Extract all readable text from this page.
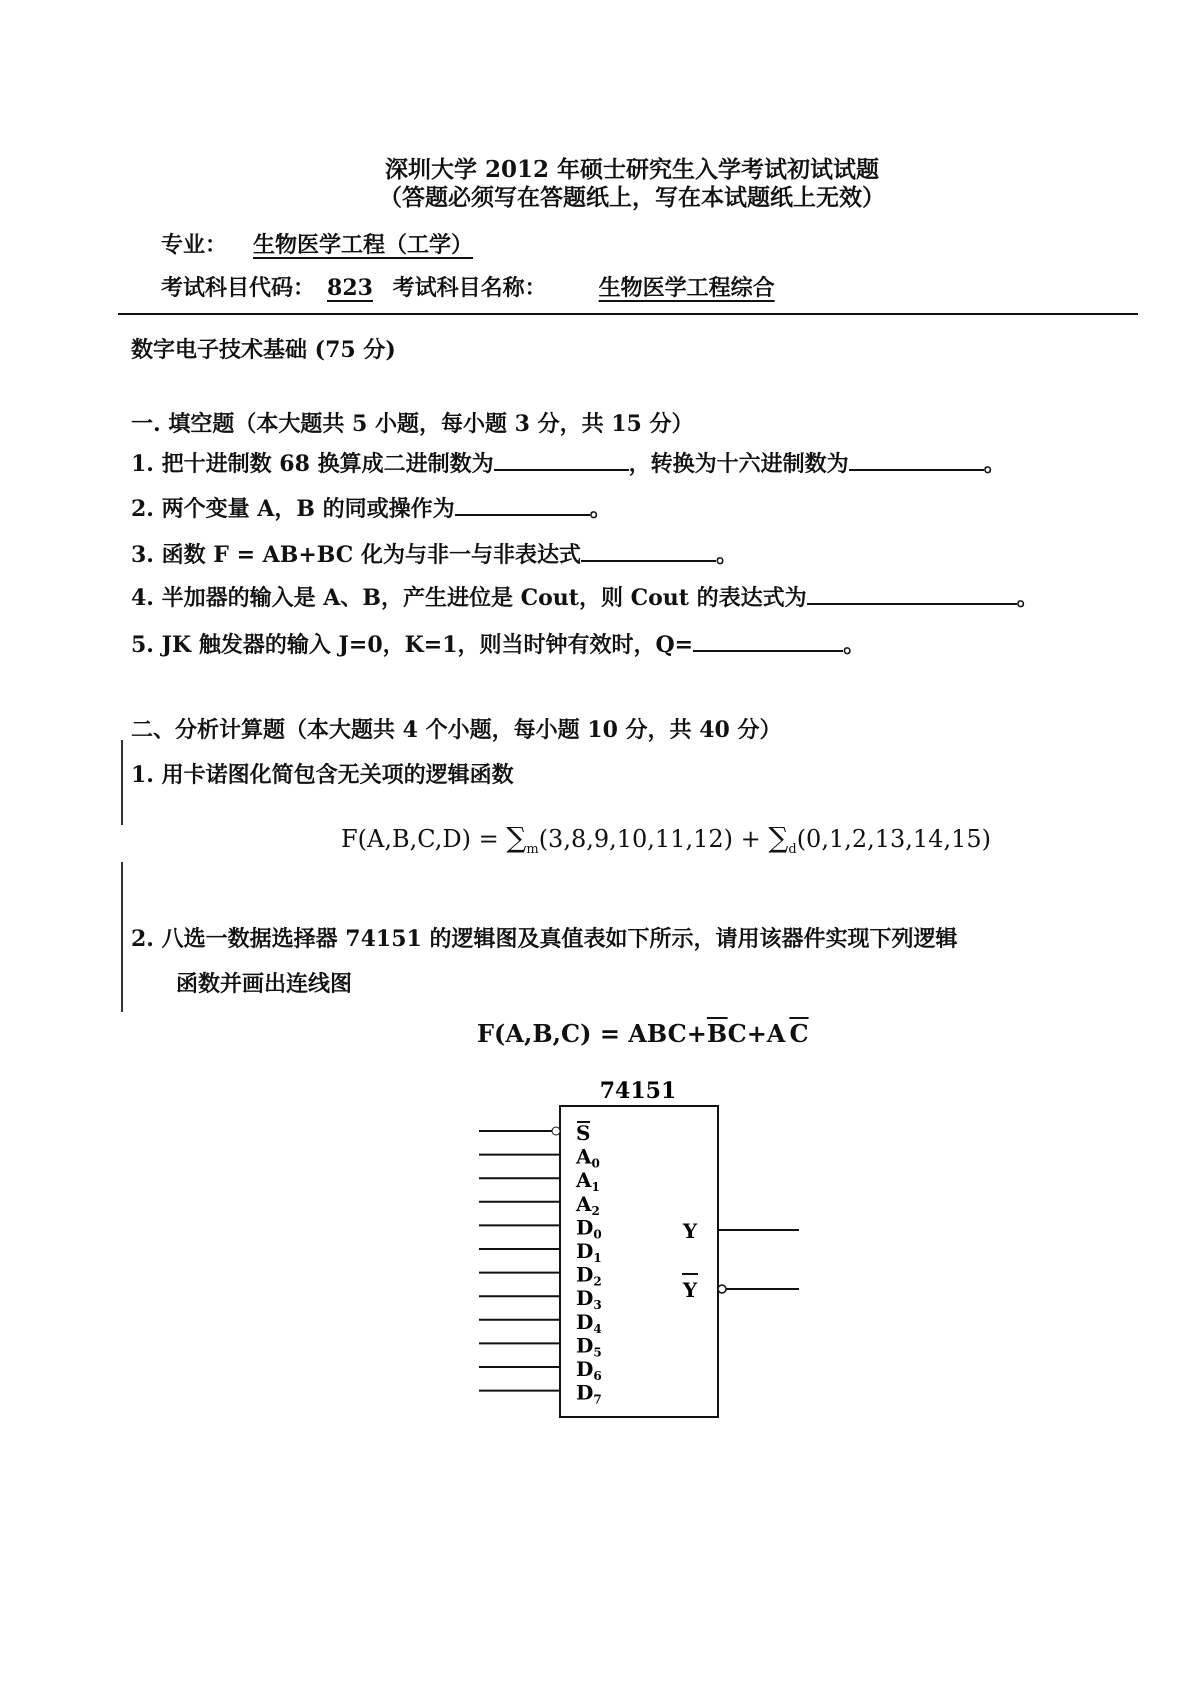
深圳大学 2012 年硕士研究生入学考试初试试题
（答题必须写在答题纸上，写在本试题纸上无效）
专业： 生物医学工程（工学）
考试科目代码： 823 考试科目名称： 生物医学工程综合
数字电子技术基础 (75 分)
一. 填空题（本大题共 5 小题，每小题 3 分，共 15 分）
1. 把十进制数 68 换算成二进制数为	，转换为十六进制数为	。
2. 两个变量 A，B 的同或操作为	。
3. 函数 F = AB+BC 化为与非一与非表达式	。
4. 半加器的输入是 A、B，产生进位是 Cout，则 Cout 的表达式为	。
5. JK 触发器的输入 J=0，K=1，则当时钟有效时，Q=	。
二、分析计算题（本大题共 4 个小题，每小题 10 分，共 40 分）
1. 用卡诺图化简包含无关项的逻辑函数
$F(A,B,C,D) = \sum_m(3,8,9,10,11,12) + \sum_d(0,1,2,13,14,15)$
2. 八选一数据选择器 74151 的逻辑图及真值表如下所示，请用该器件实现下列逻辑
函数并画出连线图
$F(A,B,C) = ABC+\overline{B}C+A$ $\overline{C}$
74151
S
$A_0$
$A_1$
$A_2$
$D_0$
$D_1$
$D_2$
$D_3$
$D_4$
$D_5$
$D_6$
$D_7$
Y
Y
